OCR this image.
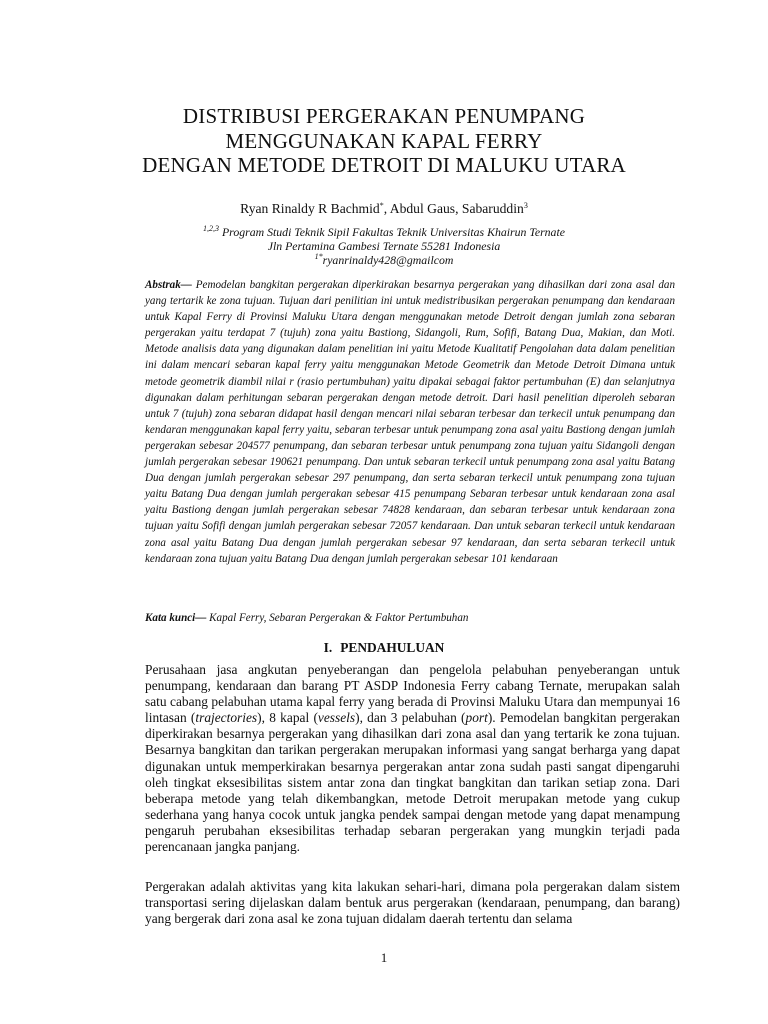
DISTRIBUSI PERGERAKAN PENUMPANG
MENGGUNAKAN KAPAL FERRY
DENGAN METODE DETROIT DI MALUKU UTARA
Ryan Rinaldy R Bachmid*, Abdul Gaus, Sabaruddin$^3$
$^{1,2,3}$ Program Studi Teknik Sipil Fakultas Teknik Universitas Khairun Ternate
Jln Pertamina Gambesi Ternate 55281 Indonesia
$^{1*}$ryanrinaldy428@gmailcom

Abstrak— Pemodelan bangkitan pergerakan diperkirakan besarnya pergerakan yang dihasilkan dari zona asal dan yang tertarik ke zona tujuan. Tujuan dari penilitian ini untuk medistribusikan pergerakan penumpang dan kendaraan untuk Kapal Ferry di Provinsi Maluku Utara dengan menggunakan metode Detroit dengan jumlah zona sebaran pergerakan yaitu terdapat 7 (tujuh) zona yaitu Bastiong, Sidangoli, Rum, Sofifi, Batang Dua, Makian, dan Moti. Metode analisis data yang digunakan dalam penelitian ini yaitu Metode Kualitatif Pengolahan data dalam penelitian ini dalam mencari sebaran kapal ferry yaitu menggunakan Metode Geometrik dan Metode Detroit Dimana untuk metode geometrik diambil nilai r (rasio pertumbuhan) yaitu dipakai sebagai faktor pertumbuhan (E) dan selanjutnya digunakan dalam perhitungan sebaran pergerakan dengan metode detroit. Dari hasil penelitian diperoleh sebaran untuk 7 (tujuh) zona sebaran didapat hasil dengan mencari nilai sebaran terbesar dan terkecil untuk penumpang dan kendaran menggunakan kapal ferry yaitu, sebaran terbesar untuk penumpang zona asal yaitu Bastiong dengan jumlah pergerakan sebesar 204577 penumpang, dan sebaran terbesar untuk penumpang zona tujuan yaitu Sidangoli dengan jumlah pergerakan sebesar 190621 penumpang. Dan untuk sebaran terkecil untuk penumpang zona asal yaitu Batang Dua dengan jumlah pergerakan sebesar 297 penumpang, dan serta sebaran terkecil untuk penumpang zona tujuan yaitu Batang Dua dengan jumlah pergerakan sebesar 415 penumpang Sebaran terbesar untuk kendaraan zona asal yaitu Bastiong dengan jumlah pergerakan sebesar 74828 kendaraan, dan sebaran terbesar untuk kendaraan zona tujuan yaitu Sofifi dengan jumlah pergerakan sebesar 72057 kendaraan. Dan untuk sebaran terkecil untuk kendaraan zona asal yaitu Batang Dua dengan jumlah pergerakan sebesar 97 kendaraan, dan serta sebaran terkecil untuk kendaraan zona tujuan yaitu Batang Dua dengan jumlah pergerakan sebesar 101 kendaraan

Kata kunci— Kapal Ferry, Sebaran Pergerakan & Faktor Pertumbuhan
I. PENDAHULUAN

Perusahaan jasa angkutan penyeberangan dan pengelola pelabuhan penyeberangan untuk penumpang, kendaraan dan barang PT ASDP Indonesia Ferry cabang Ternate, merupakan salah satu cabang pelabuhan utama kapal ferry yang berada di Provinsi Maluku Utara dan mempunyai 16 lintasan (trajectories), 8 kapal (vessels), dan 3 pelabuhan (port). Pemodelan bangkitan pergerakan diperkirakan besarnya pergerakan yang dihasilkan dari zona asal dan yang tertarik ke zona tujuan. Besarnya bangkitan dan tarikan pergerakan merupakan informasi yang sangat berharga yang dapat digunakan untuk memperkirakan besarnya pergerakan antar zona sudah pasti sangat dipengaruhi oleh tingkat eksesibilitas sistem antar zona dan tingkat bangkitan dan tarikan setiap zona. Dari beberapa metode yang telah dikembangkan, metode Detroit merupakan metode yang cukup sederhana yang hanya cocok untuk jangka pendek sampai dengan metode yang dapat menampung pengaruh perubahan eksesibilitas terhadap sebaran pergerakan yang mungkin terjadi pada perencanaan jangka panjang.

Pergerakan adalah aktivitas yang kita lakukan sehari-hari, dimana pola pergerakan dalam sistem transportasi sering dijelaskan dalam bentuk arus pergerakan (kendaraan, penumpang, dan barang) yang bergerak dari zona asal ke zona tujuan didalam daerah tertentu dan selama

1
